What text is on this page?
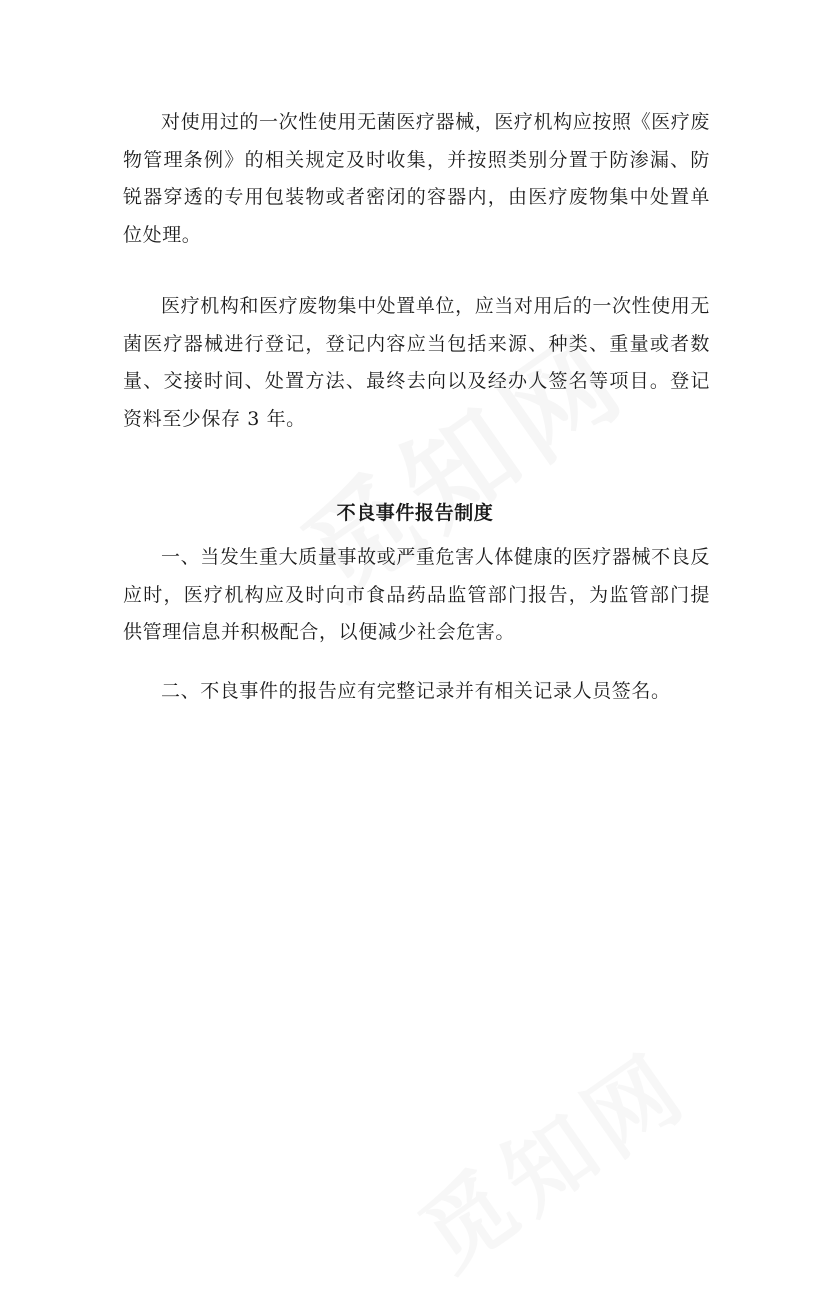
对使用过的一次性使用无菌医疗器械，医疗机构应按照《医疗废物管理条例》的相关规定及时收集，并按照类别分置于防渗漏、防锐器穿透的专用包装物或者密闭的容器内，由医疗废物集中处置单位处理。

医疗机构和医疗废物集中处置单位，应当对用后的一次性使用无菌医疗器械进行登记，登记内容应当包括来源、种类、重量或者数量、交接时间、处置方法、最终去向以及经办人签名等项目。登记资料至少保存 3 年。

不良事件报告制度

一、当发生重大质量事故或严重危害人体健康的医疗器械不良反应时，医疗机构应及时向市食品药品监管部门报告，为监管部门提供管理信息并积极配合，以便减少社会危害。

二、不良事件的报告应有完整记录并有相关记录人员签名。
